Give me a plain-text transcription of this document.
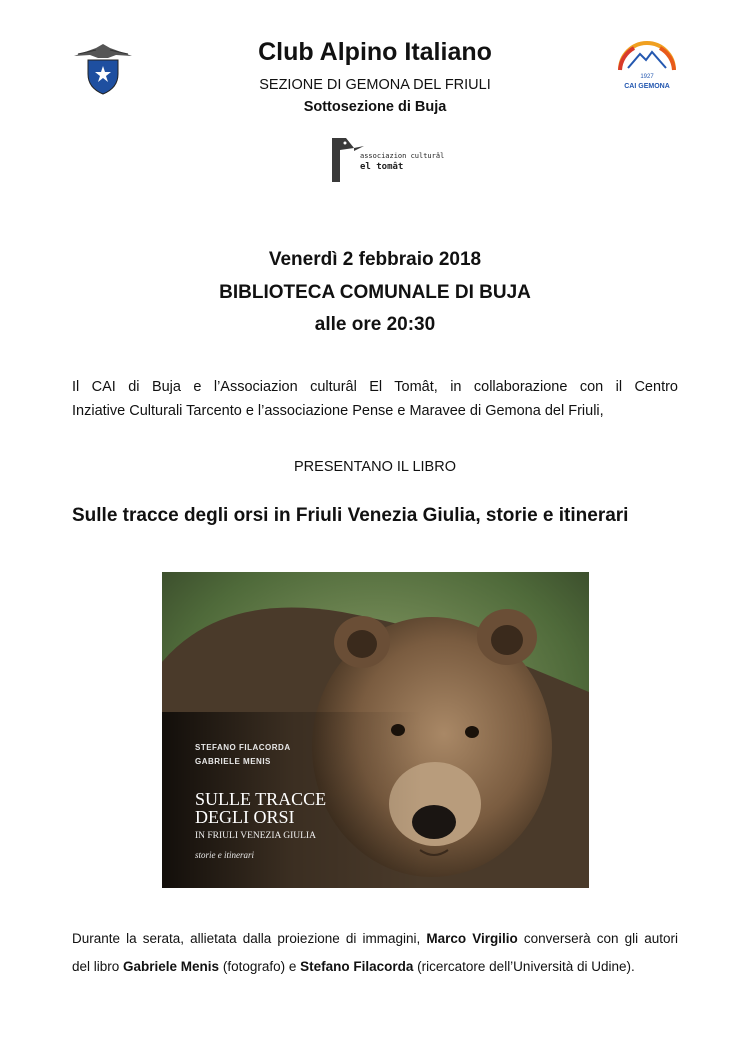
1927
CAI GEMONA
Club Alpino Italiano
SEZIONE DI GEMONA DEL FRIULI
Sottosezione di Buja
associazion culturâl
el tomât
Venerdì 2 febbraio 2018
BIBLIOTECA COMUNALE DI BUJA
alle ore 20:30
Il CAI di Buja e l’Associazion culturâl El Tomât, in collaborazione con il Centro
Inziative Culturali Tarcento e l’associazione Pense e Maravee di Gemona del Friuli,
PRESENTANO IL LIBRO
Sulle tracce degli orsi in Friuli Venezia Giulia, storie e itinerari
STEFANO FILACORDA
GABRIELE MENIS
SULLE TRACCE
DEGLI ORSI
IN FRIULI VENEZIA GIULIA
storie e itinerari
Durante la serata, allietata dalla proiezione di immagini, Marco Virgilio converserà con gli autori
del libro Gabriele Menis (fotografo) e Stefano Filacorda (ricercatore dell’Università di Udine).
